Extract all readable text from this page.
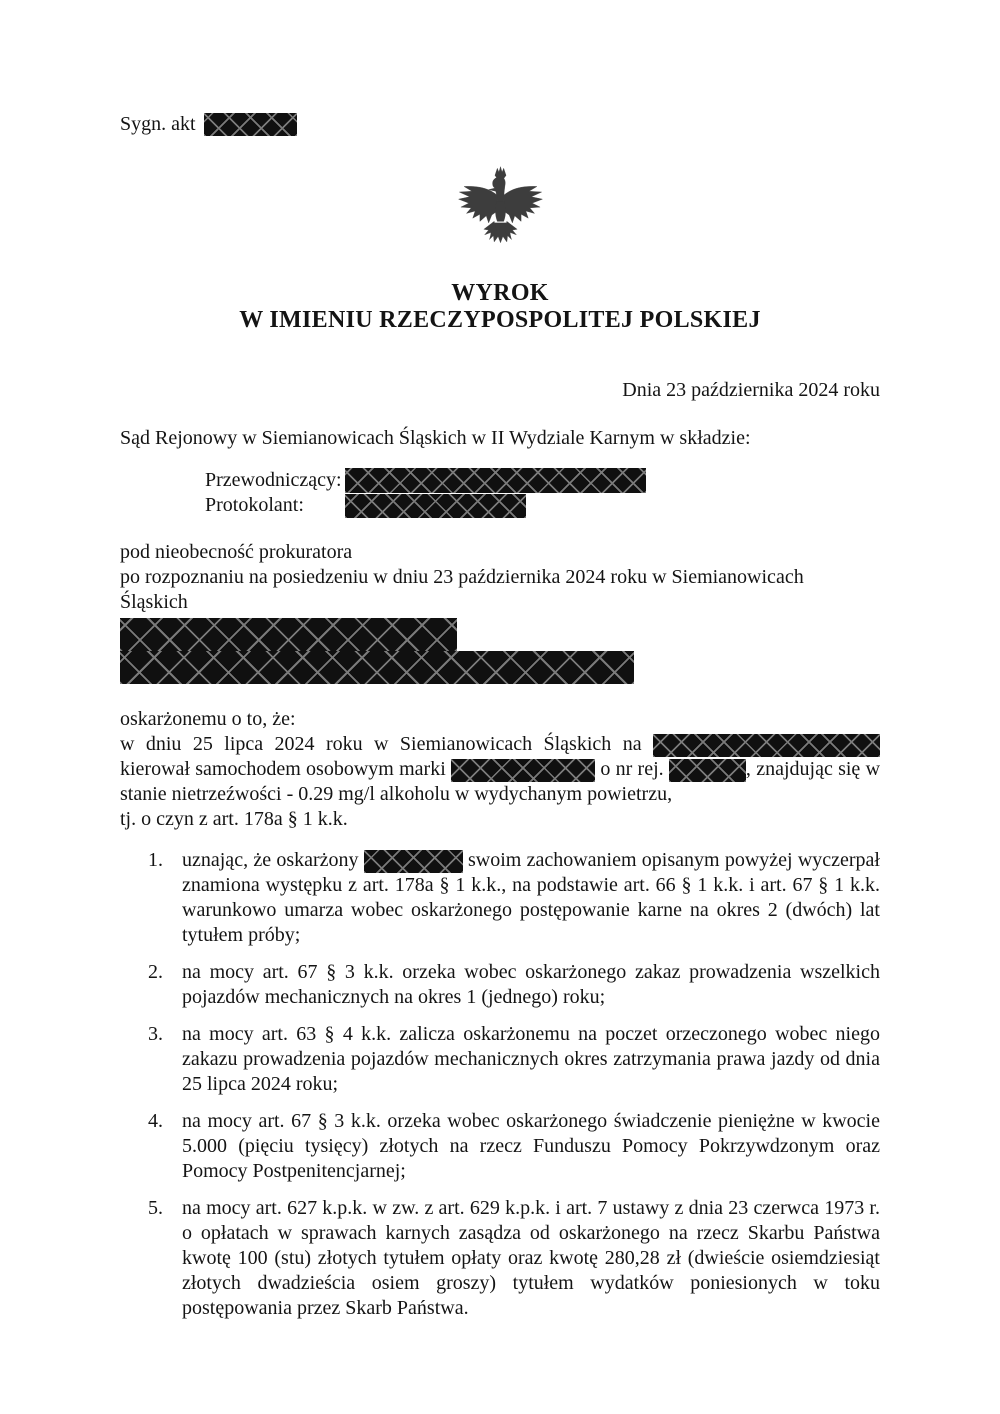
Sygn. akt
WYROK
W IMIENIU RZECZYPOSPOLITEJ POLSKIEJ
Dnia 23 października 2024 roku
Sąd Rejonowy w Siemianowicach Śląskich w II Wydziale Karnym w składzie:
Przewodniczący:
Protokolant:
pod nieobecność prokuratora
po rozpoznaniu na posiedzeniu w dniu 23 października 2024 roku w Siemianowicach
Śląskich
oskarżonemu o to, że:
w dniu 25 lipca 2024 roku w Siemianowicach Śląskich na
kierował samochodem osobowym marki	o nr rej.	, znajdując się w
stanie nietrzeźwości - 0.29 mg/l alkoholu w wydychanym powietrzu,
tj. o czyn z art. 178a § 1 k.k.
1. uznając, że oskarżony	swoim zachowaniem opisanym powyżej wyczerpał znamiona występku z art. 178a § 1 k.k., na podstawie art. 66 § 1 k.k. i art. 67 § 1 k.k. warunkowo umarza wobec oskarżonego postępowanie karne na okres 2 (dwóch) lat tytułem próby;

2. na mocy art. 67 § 3 k.k. orzeka wobec oskarżonego zakaz prowadzenia wszelkich pojazdów mechanicznych na okres 1 (jednego) roku;

3. na mocy art. 63 § 4 k.k. zalicza oskarżonemu na poczet orzeczonego wobec niego zakazu prowadzenia pojazdów mechanicznych okres zatrzymania prawa jazdy od dnia 25 lipca 2024 roku;

4. na mocy art. 67 § 3 k.k. orzeka wobec oskarżonego świadczenie pieniężne w kwocie 5.000 (pięciu tysięcy) złotych na rzecz Funduszu Pomocy Pokrzywdzonym oraz Pomocy Postpenitencjarnej;

5. na mocy art. 627 k.p.k. w zw. z art. 629 k.p.k. i art. 7 ustawy z dnia 23 czerwca 1973 r. o opłatach w sprawach karnych zasądza od oskarżonego na rzecz Skarbu Państwa kwotę 100 (stu) złotych tytułem opłaty oraz kwotę 280,28 zł (dwieście osiemdziesiąt złotych dwadzieścia osiem groszy) tytułem wydatków poniesionych w toku postępowania przez Skarb Państwa.
